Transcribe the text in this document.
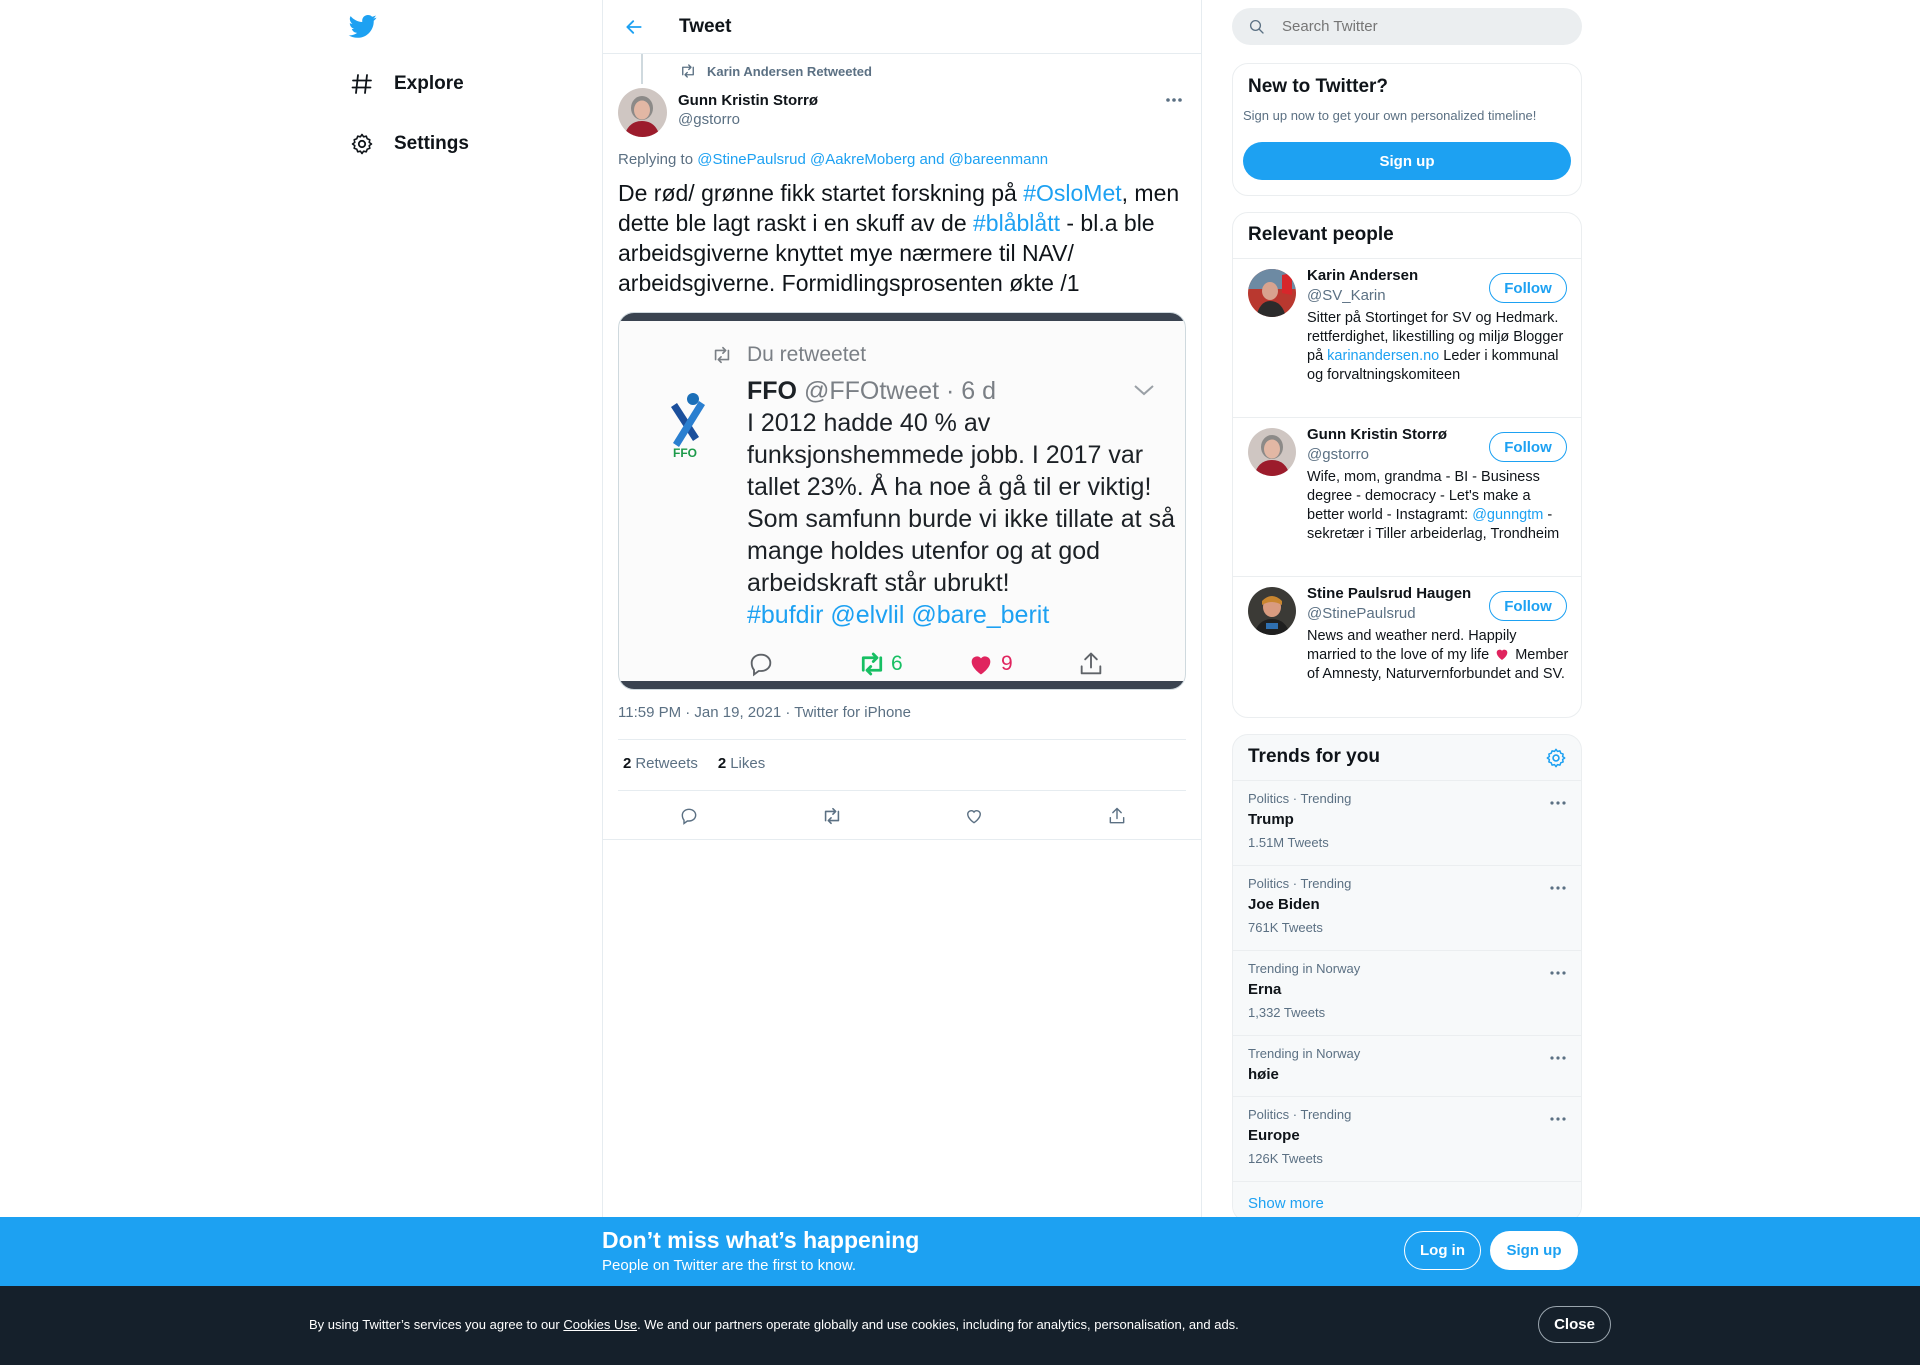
Explore
Settings
Tweet
Karin Andersen Retweeted
Gunn Kristin Storrø
@gstorro
Replying to @StinePaulsrud @AakreMoberg and @bareenmann
De rød/ grønne fikk startet forskning på #OsloMet, men dette ble lagt raskt i en skuff av de #blåblått - bl.a ble arbeidsgiverne knyttet mye nærmere til NAV/ arbeidsgiverne. Formidlingsprosenten økte /1
Du retweetet
FFO
FFO @FFOtweet · 6 d
I 2012 hadde 40 % av funksjonshemmede jobb. I 2017 var tallet 23%. Å ha noe å gå til er viktig! Som samfunn burde vi ikke tillate at så mange holdes utenfor og at god arbeidskraft står ubrukt!
#bufdir @elvlil @bare_berit
6	9
11:59 PM · Jan 19, 2021 · Twitter for iPhone
2 Retweets 2 Likes
Search Twitter
New to Twitter?
Sign up now to get your own personalized timeline!
Sign up
Relevant people
Karin Andersen
@SV_Karin	Follow
Sitter på Stortinget for SV og Hedmark. rettferdighet, likestilling og miljø Blogger på karinandersen.no Leder i kommunal og forvaltningskomiteen
Gunn Kristin Storrø
@gstorro	Follow
Wife, mom, grandma - BI - Business degree - democracy - Let's make a better world - Instagramt: @gunngtm - sekretær i Tiller arbeiderlag, Trondheim
Stine Paulsrud Haugen
@StinePaulsrud	Follow
News and weather nerd. Happily married to the love of my life  Member of Amnesty, Naturvernforbundet and SV.
Trends for you
Politics · Trending
Trump
1.51M Tweets
Politics · Trending
Joe Biden
761K Tweets
Trending in Norway
Erna
1,332 Tweets
Trending in Norway
høie
Politics · Trending
Europe
126K Tweets
Show more
Don’t miss what’s happening
People on Twitter are the first to know.
Log in	Sign up
By using Twitter’s services you agree to our Cookies Use. We and our partners operate globally and use cookies, including for analytics, personalisation, and ads.	Close
